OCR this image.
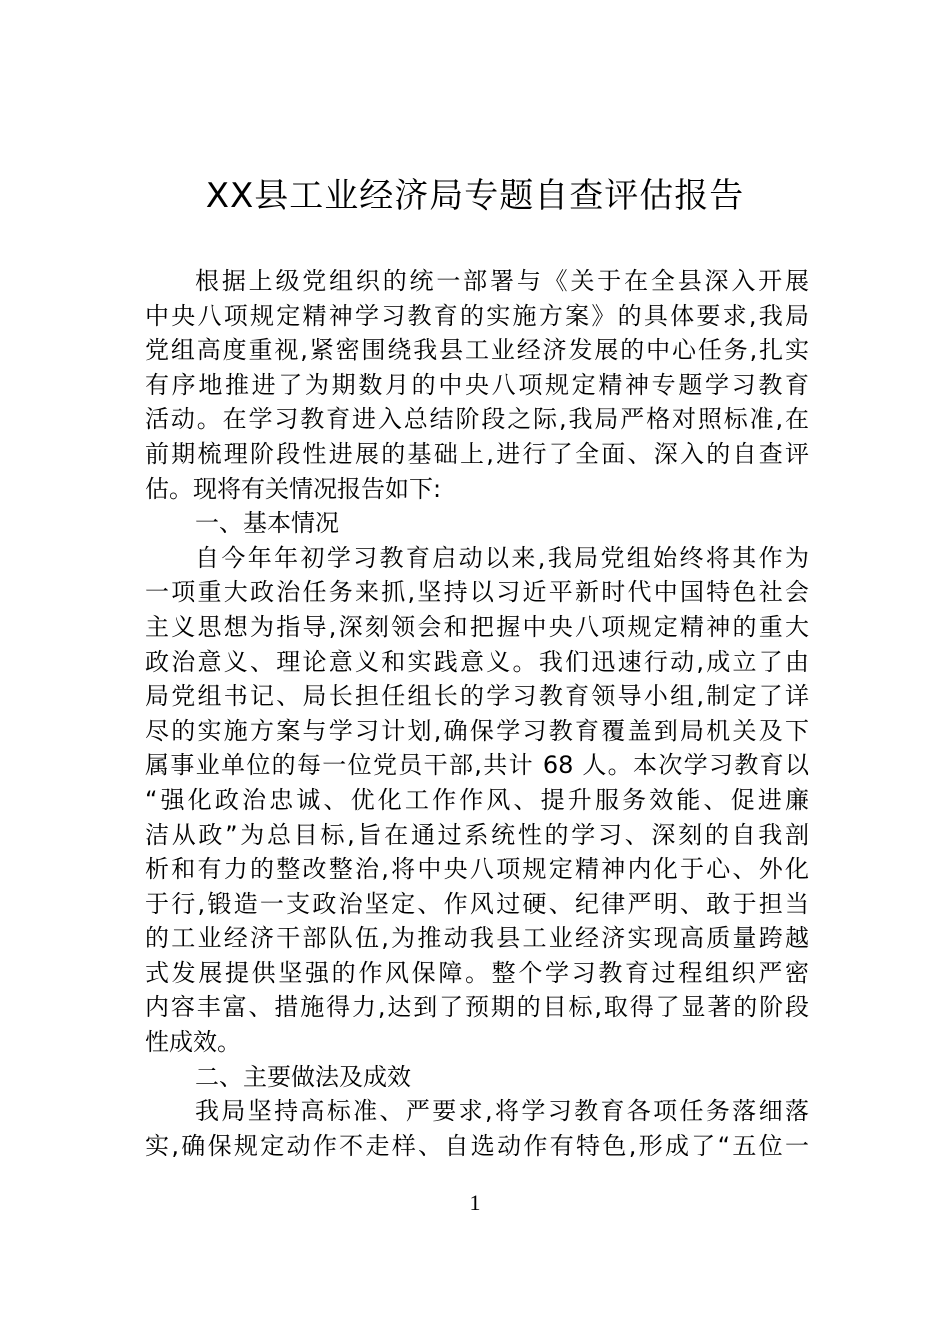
XX县工业经济局专题自查评估报告
根据上级党组织的统一部署与《关于在全县深入开展
中央八项规定精神学习教育的实施方案》的具体要求,我局
党组高度重视,紧密围绕我县工业经济发展的中心任务,扎实
有序地推进了为期数月的中央八项规定精神专题学习教育
活动。在学习教育进入总结阶段之际,我局严格对照标准,在
前期梳理阶段性进展的基础上,进行了全面、深入的自查评
估。现将有关情况报告如下:
一、基本情况
自今年年初学习教育启动以来,我局党组始终将其作为
一项重大政治任务来抓,坚持以习近平新时代中国特色社会
主义思想为指导,深刻领会和把握中央八项规定精神的重大
政治意义、理论意义和实践意义。我们迅速行动,成立了由
局党组书记、局长担任组长的学习教育领导小组,制定了详
尽的实施方案与学习计划,确保学习教育覆盖到局机关及下
属事业单位的每一位党员干部,共计 68 人。本次学习教育以
“强化政治忠诚、优化工作作风、提升服务效能、促进廉
洁从政”为总目标,旨在通过系统性的学习、深刻的自我剖
析和有力的整改整治,将中央八项规定精神内化于心、外化
于行,锻造一支政治坚定、作风过硬、纪律严明、敢于担当
的工业经济干部队伍,为推动我县工业经济实现高质量跨越
式发展提供坚强的作风保障。整个学习教育过程组织严密
内容丰富、措施得力,达到了预期的目标,取得了显著的阶段
性成效。
二、主要做法及成效
我局坚持高标准、严要求,将学习教育各项任务落细落
实,确保规定动作不走样、自选动作有特色,形成了“五位一
1
